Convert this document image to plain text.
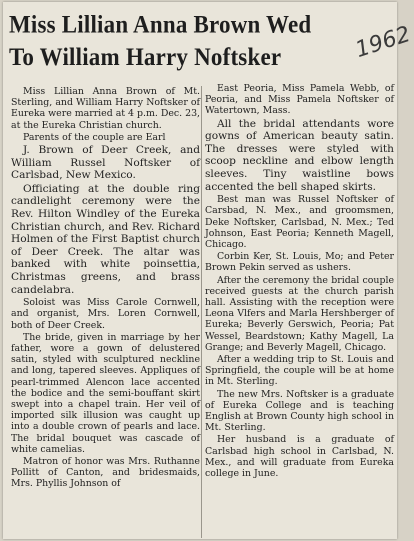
Miss Lillian Anna Brown Wed
To William Harry Noftsker	1962

Miss Lillian Anna Brown of Mt. Sterling, and William Harry Noftsker of Eureka were married at 4 p.m. Dec. 23, at the Eureka Christian church.

Parents of the couple are Earl

J. Brown of Deer Creek, and William Russel Noftsker of Carlsbad, New Mexico.

Officiating at the double ring candlelight ceremony were the Rev. Hilton Windley of the Eureka Christian church, and Rev. Richard Holmen of the First Baptist church of Deer Creek. The altar was banked with white poinsettia, Christmas greens, and brass candelabra.

Soloist was Miss Carole Cornwell, and organist, Mrs. Loren Cornwell, both of Deer Creek.

The bride, given in marriage by her father, wore a gown of delustered satin, styled with sculptured neckline and long, tapered sleeves. Appliques of pearl-trimmed Alencon lace accented the bodice and the semi-bouffant skirt swept into a chapel train. Her veil of imported silk illusion was caught up into a double crown of pearls and lace. The bridal bouquet was cascade of white camelias.

Matron of honor was Mrs. Ruthanne Pollitt of Canton, and bridesmaids, Mrs. Phyllis Johnson of

East Peoria, Miss Pamela Webb, of Peoria, and Miss Pamela Noftsker of Watertown, Mass.

All the bridal attendants wore gowns of American beauty satin. The dresses were styled with scoop neckline and elbow length sleeves. Tiny waistline bows accented the bell shaped skirts.

Best man was Russel Noftsker of Carsbad, N. Mex., and groomsmen, Deke Noftsker, Carlsbad, N. Mex.; Ted Johnson, East Peoria; Kenneth Magell, Chicago.

Corbin Ker, St. Louis, Mo; and Peter Brown Pekin served as ushers.

After the ceremony the bridal couple received guests at the church parish hall. Assisting with the reception were Leona Vlfers and Marla Hershberger of Eureka; Beverly Gerswich, Peoria; Pat Wessel, Beardstown; Kathy Magell, La Grange; and Beverly Magell, Chicago.

After a wedding trip to St. Louis and Springfield, the couple will be at home in Mt. Sterling.

The new Mrs. Noftsker is a graduate of Eureka College and is teaching English at Brown County high school in Mt. Sterling.

Her husband is a graduate of Carlsbad high school in Carlsbad, N. Mex., and will graduate from Eureka college in June.
